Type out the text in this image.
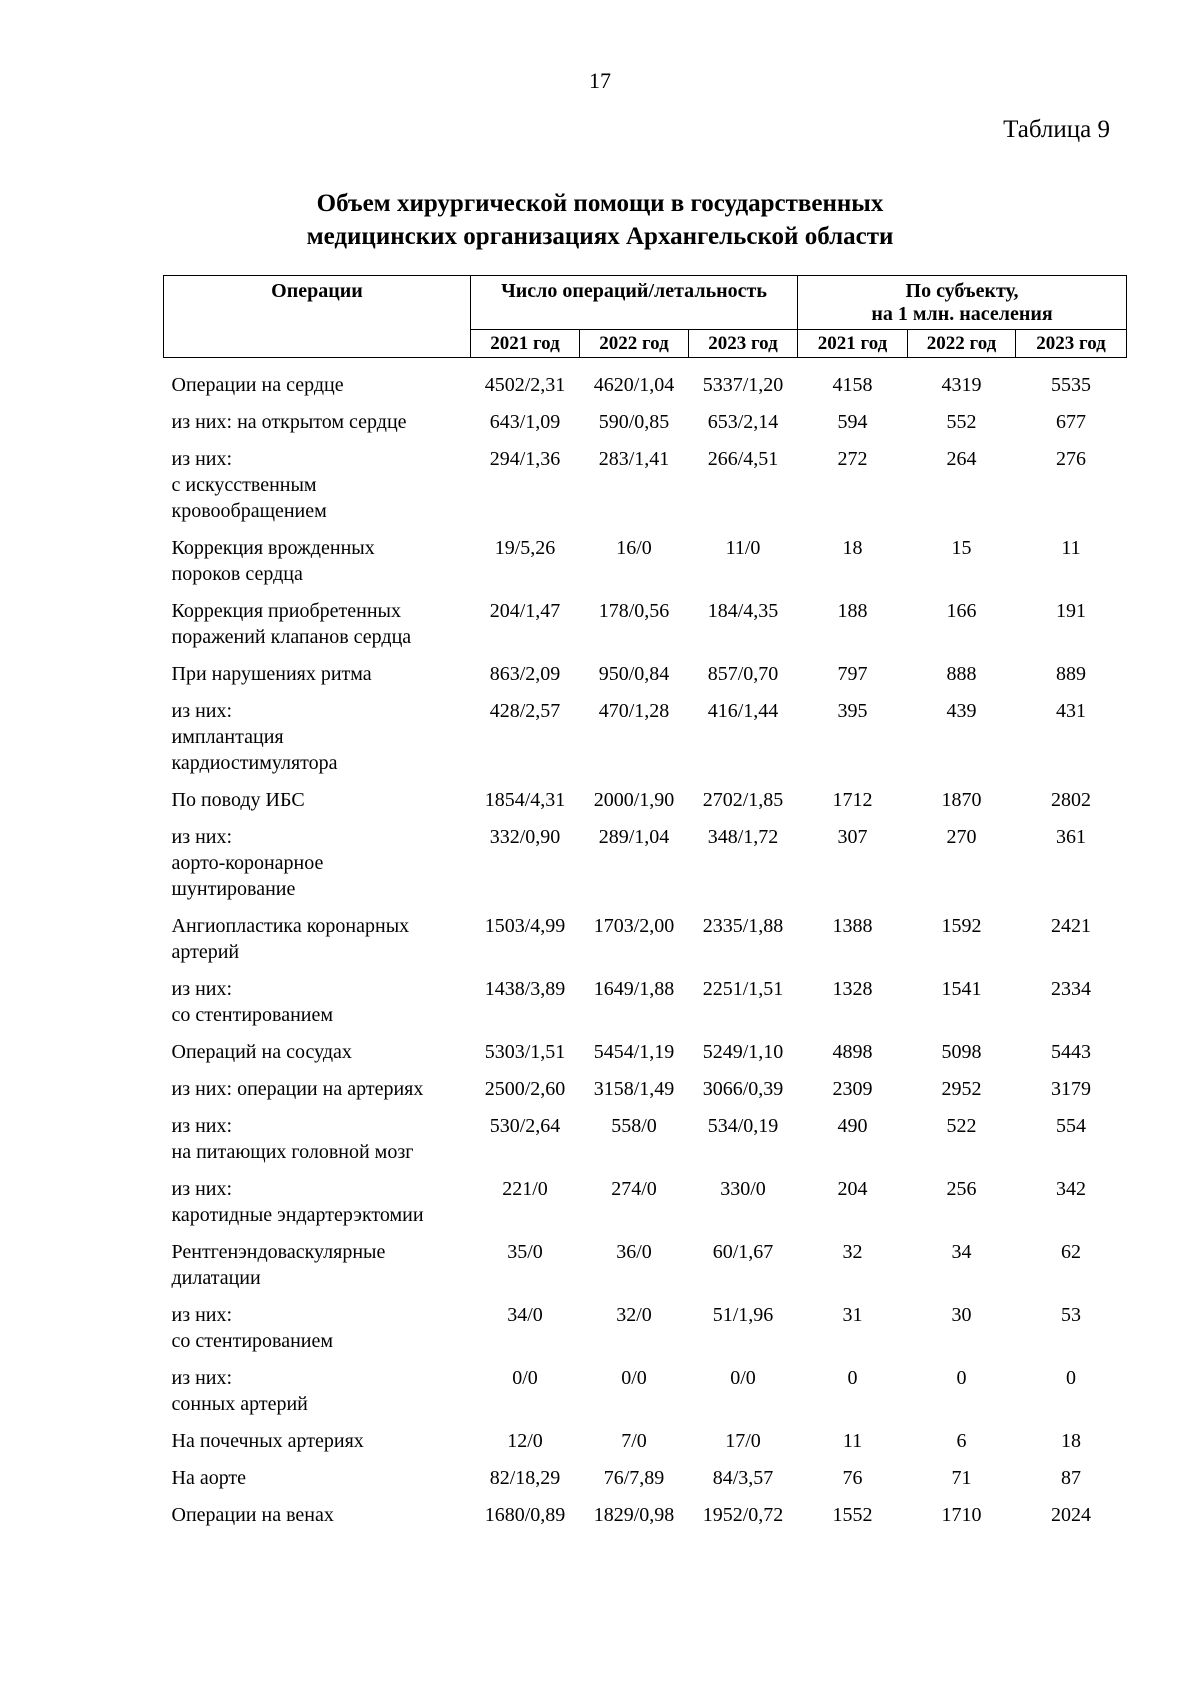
17
Таблица 9
Объем хирургической помощи в государственных
медицинских организациях Архангельской области
Операции	Число операций/летальность			По субъекту,
на 1 млн. населения		

	2021 год	2022 год	2023 год	2021 год	2022 год	2023 год
Операции на сердце	4502/2,31	4620/1,04	5337/1,20	4158	4319	5535
из них: на открытом сердце	643/1,09	590/0,85	653/2,14	594	552	677
из них:
с искусственным
кровообращением	294/1,36	283/1,41	266/4,51	272	264	276
Коррекция врожденных
пороков сердца	19/5,26	16/0	11/0	18	15	11
Коррекция приобретенных
поражений клапанов сердца	204/1,47	178/0,56	184/4,35	188	166	191
При нарушениях ритма	863/2,09	950/0,84	857/0,70	797	888	889
из них:
имплантация
кардиостимулятора	428/2,57	470/1,28	416/1,44	395	439	431
По поводу ИБС	1854/4,31	2000/1,90	2702/1,85	1712	1870	2802
из них:
аорто-коронарное
шунтирование	332/0,90	289/1,04	348/1,72	307	270	361
Ангиопластика коронарных
артерий	1503/4,99	1703/2,00	2335/1,88	1388	1592	2421
из них:
со стентированием	1438/3,89	1649/1,88	2251/1,51	1328	1541	2334
Операций на сосудах	5303/1,51	5454/1,19	5249/1,10	4898	5098	5443
из них: операции на артериях	2500/2,60	3158/1,49	3066/0,39	2309	2952	3179
из них:
на питающих головной мозг	530/2,64	558/0	534/0,19	490	522	554
из них:
каротидные эндартерэктомии	221/0	274/0	330/0	204	256	342
Рентгенэндоваскулярные
дилатации	35/0	36/0	60/1,67	32	34	62
из них:
со стентированием	34/0	32/0	51/1,96	31	30	53
из них:
сонных артерий	0/0	0/0	0/0	0	0	0
На почечных артериях	12/0	7/0	17/0	11	6	18
На аорте	82/18,29	76/7,89	84/3,57	76	71	87
Операции на венах	1680/0,89	1829/0,98	1952/0,72	1552	1710	2024
